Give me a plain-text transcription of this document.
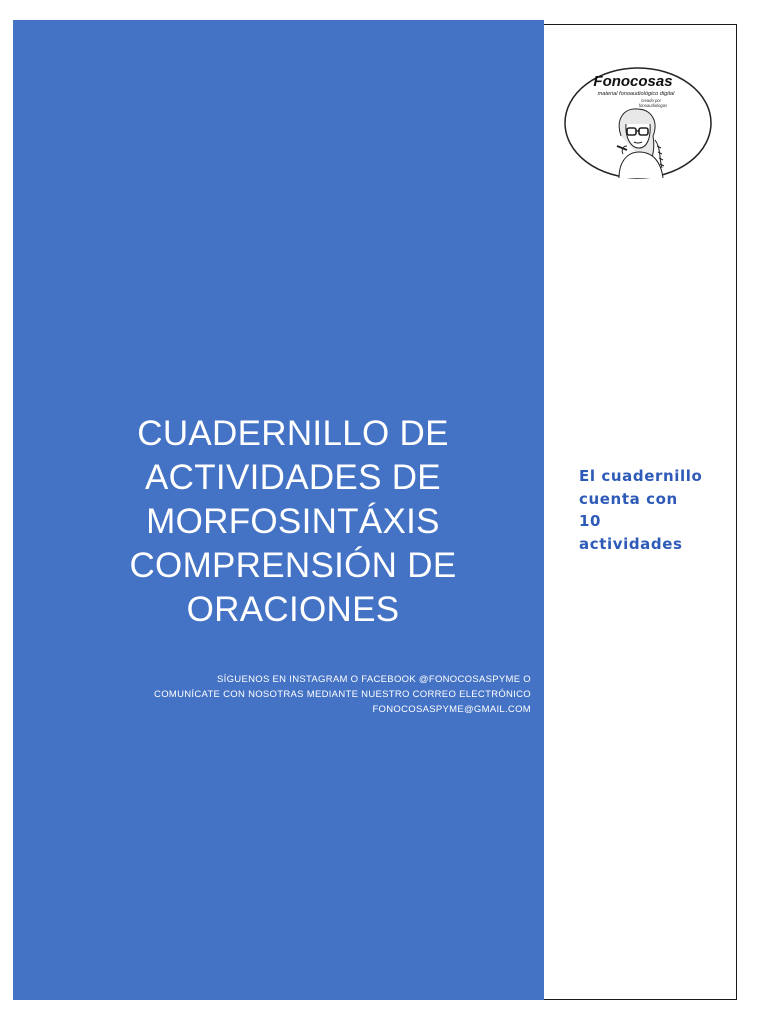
CUADERNILLO DE
ACTIVIDADES DE
MORFOSINTÁXIS
COMPRENSIÓN DE
ORACIONES
SÍGUENOS EN INSTAGRAM O FACEBOOK @FONOCOSASPYME O
COMUNÍCATE CON NOSOTRAS MEDIANTE NUESTRO CORREO ELECTRÓNICO
FONOCOSASPYME@GMAIL.COM
Fonocosas
material fonoaudiológico digital
creado por
fonoaudiologas
El cuadernillo
cuenta con
10
actividades
